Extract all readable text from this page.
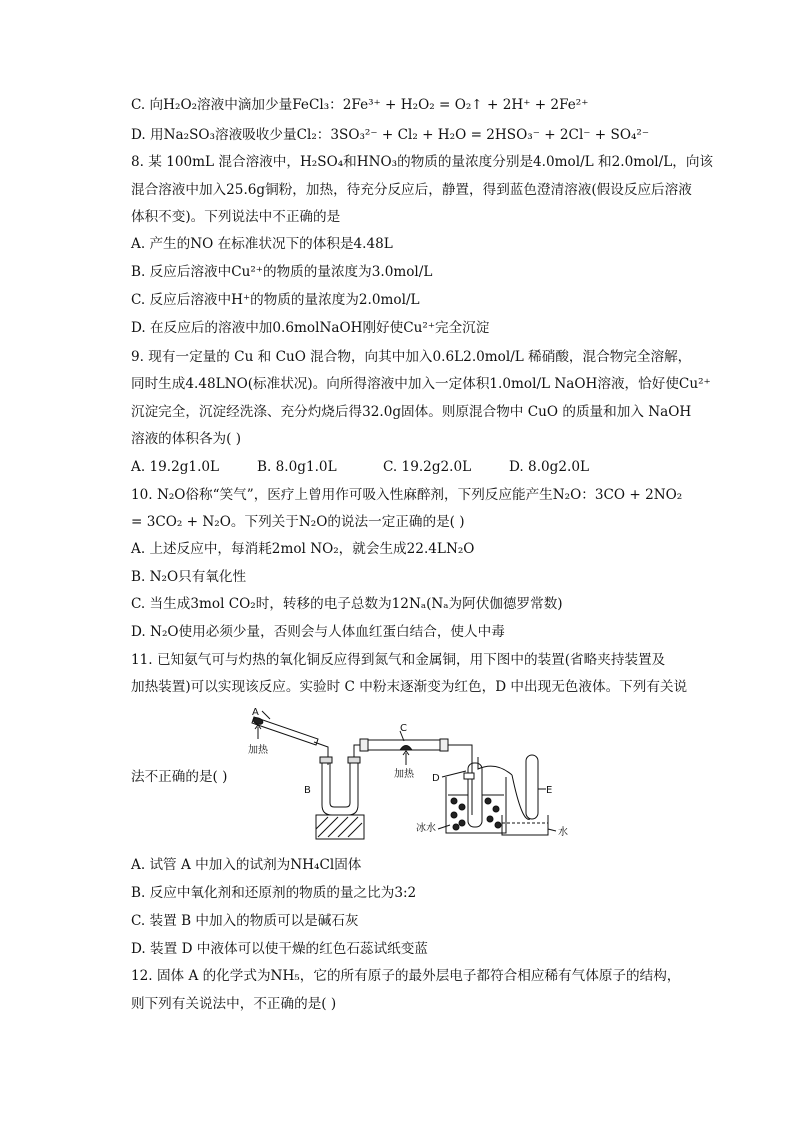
C. 向H₂O₂溶液中滴加少量FeCl₃：2Fe³⁺ + H₂O₂ = O₂↑ + 2H⁺ + 2Fe²⁺
D. 用Na₂SO₃溶液吸收少量Cl₂：3SO₃²⁻ + Cl₂ + H₂O = 2HSO₃⁻ + 2Cl⁻ + SO₄²⁻
8. 某 100mL 混合溶液中，H₂SO₄和HNO₃的物质的量浓度分别是4.0mol/L 和2.0mol/L，向该
混合溶液中加入25.6g铜粉，加热，待充分反应后，静置，得到蓝色澄清溶液(假设反应后溶液
体积不变)。下列说法中不正确的是
A. 产生的NO 在标准状况下的体积是4.48L
B. 反应后溶液中Cu²⁺的物质的量浓度为3.0mol/L
C. 反应后溶液中H⁺的物质的量浓度为2.0mol/L
D. 在反应后的溶液中加0.6molNaOH刚好使Cu²⁺完全沉淀
9. 现有一定量的 Cu 和 CuO 混合物，向其中加入0.6L2.0mol/L 稀硝酸，混合物完全溶解，
同时生成4.48LNO(标准状况)。向所得溶液中加入一定体积1.0mol/L NaOH溶液，恰好使Cu²⁺
沉淀完全，沉淀经洗涤、充分灼烧后得32.0g固体。则原混合物中 CuO 的质量和加入 NaOH
溶液的体积各为( )
A. 19.2g1.0L	B. 8.0g1.0L	C. 19.2g2.0L	D. 8.0g2.0L
10. N₂O俗称“笑气”，医疗上曾用作可吸入性麻醉剂，下列反应能产生N₂O：3CO + 2NO₂
= 3CO₂ + N₂O。下列关于N₂O的说法一定正确的是( )
A. 上述反应中，每消耗2mol NO₂，就会生成22.4LN₂O
B. N₂O只有氧化性
C. 当生成3mol CO₂时，转移的电子总数为12Nₐ(Nₐ为阿伏伽德罗常数)
D. N₂O使用必须少量，否则会与人体血红蛋白结合，使人中毒
11. 已知氨气可与灼热的氧化铜反应得到氮气和金属铜，用下图中的装置(省略夹持装置及
加热装置)可以实现该反应。实验时 C 中粉末逐渐变为红色，D 中出现无色液体。下列有关说
法不正确的是( )
A
加热
B
C
加热 D
E
冰水	水
A. 试管 A 中加入的试剂为NH₄Cl固体
B. 反应中氧化剂和还原剂的物质的量之比为3:2
C. 装置 B 中加入的物质可以是碱石灰
D. 装置 D 中液体可以使干燥的红色石蕊试纸变蓝
12. 固体 A 的化学式为NH₅，它的所有原子的最外层电子都符合相应稀有气体原子的结构，
则下列有关说法中，不正确的是( )
